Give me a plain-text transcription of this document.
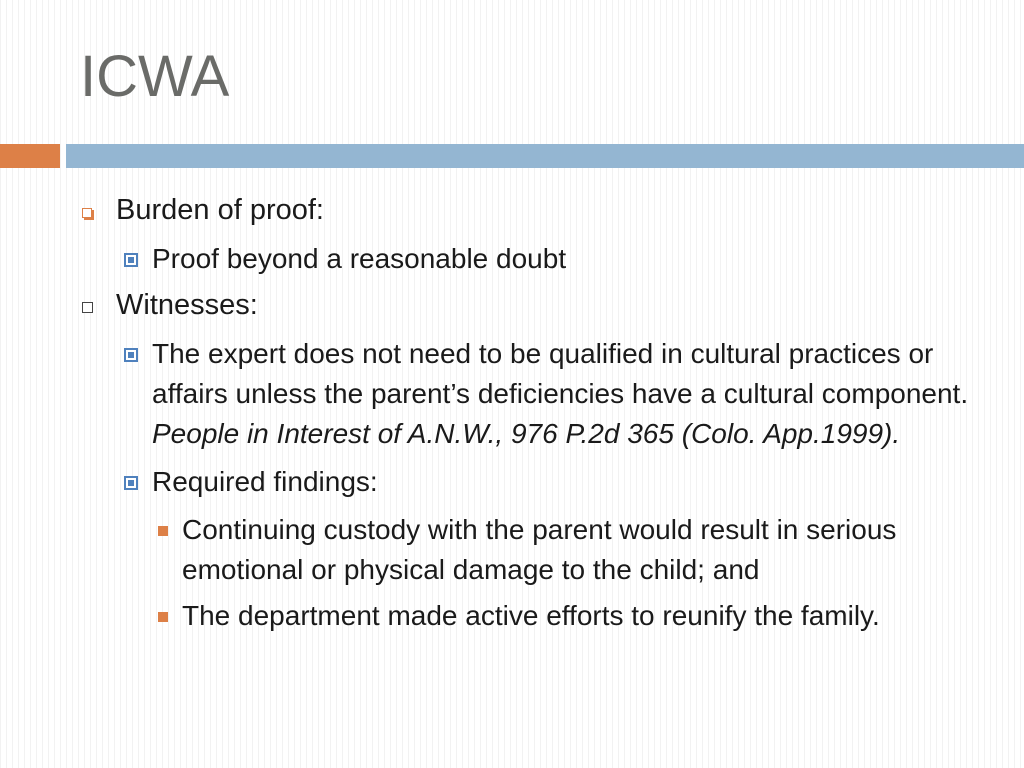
ICWA
Burden of proof:
Proof beyond a reasonable doubt
Witnesses:
The expert does not need to be qualified in cultural practices or affairs unless the parent’s deficiencies have a cultural component. People in Interest of A.N.W., 976 P.2d 365 (Colo. App.1999).
Required findings:
Continuing custody with the parent would result in serious emotional or physical damage to the child; and
The department made active efforts to reunify the family.
